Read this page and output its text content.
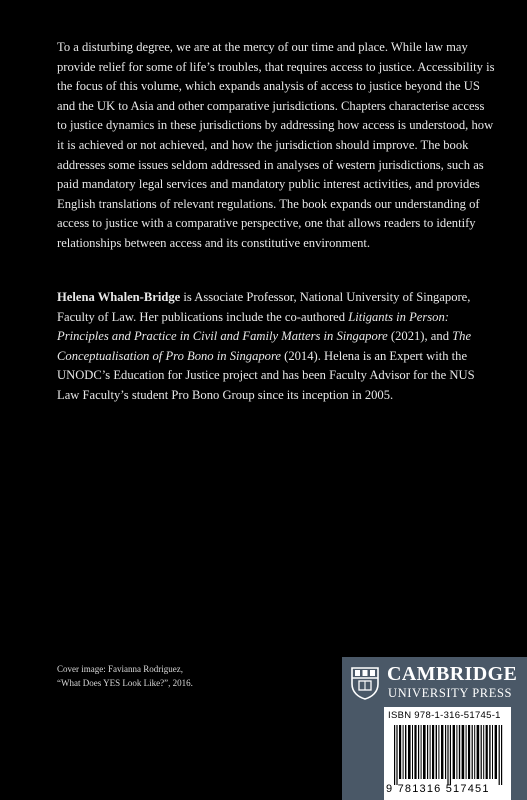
To a disturbing degree, we are at the mercy of our time and place. While law may provide relief for some of life’s troubles, that requires access to justice. Accessibility is the focus of this volume, which expands analysis of access to justice beyond the US and the UK to Asia and other comparative jurisdictions. Chapters characterise access to justice dynamics in these jurisdictions by addressing how access is understood, how it is achieved or not achieved, and how the jurisdiction should improve. The book addresses some issues seldom addressed in analyses of western jurisdictions, such as paid mandatory legal services and mandatory public interest activities, and provides English translations of relevant regulations. The book expands our understanding of access to justice with a comparative perspective, one that allows readers to identify relationships between access and its constitutive environment.

Helena Whalen-Bridge is Associate Professor, National University of Singapore, Faculty of Law. Her publications include the co-authored Litigants in Person: Principles and Practice in Civil and Family Matters in Singapore (2021), and The Conceptualisation of Pro Bono in Singapore (2014). Helena is an Expert with the UNODC’s Education for Justice project and has been Faculty Advisor for the NUS Law Faculty’s student Pro Bono Group since its inception in 2005.

Cover image: Favianna Rodriguez,
“What Does YES Look Like?”, 2016.	CAMBRIDGE
UNIVERSITY PRESS
ISBN 978-1-316-51745-1
9 781316 517451
